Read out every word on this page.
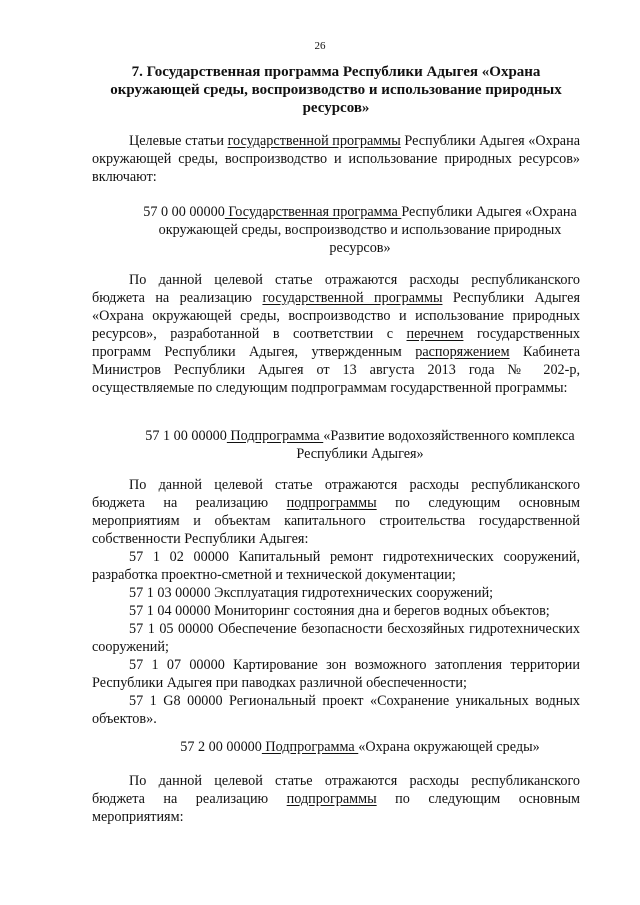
26
7. Государственная программа Республики Адыгея «Охрана окружающей среды, воспроизводство и использование природных ресурсов»
Целевые статьи государственной программы Республики Адыгея «Охрана окружающей среды, воспроизводство и использование природных ресурсов» включают:
57 0 00 00000 Государственная программа Республики Адыгея «Охрана окружающей среды, воспроизводство и использование природных ресурсов»
По данной целевой статье отражаются расходы республиканского бюджета на реализацию государственной программы Республики Адыгея «Охрана окружающей среды, воспроизводство и использование природных ресурсов», разработанной в соответствии с перечнем государственных программ Республики Адыгея, утвержденным распоряжением Кабинета Министров Республики Адыгея от 13 августа 2013 года № 202-р, осуществляемые по следующим подпрограммам государственной программы:
57 1 00 00000 Подпрограмма «Развитие водохозяйственного комплекса Республики Адыгея»
По данной целевой статье отражаются расходы республиканского бюджета на реализацию подпрограммы по следующим основным мероприятиям и объектам капитального строительства государственной собственности Республики Адыгея:

57 1 02 00000 Капитальный ремонт гидротехнических сооружений, разработка проектно-сметной и технической документации;

57 1 03 00000 Эксплуатация гидротехнических сооружений;

57 1 04 00000 Мониторинг состояния дна и берегов водных объектов;

57 1 05 00000 Обеспечение безопасности бесхозяйных гидротехнических сооружений;

57 1 07 00000 Картирование зон возможного затопления территории Республики Адыгея при паводках различной обеспеченности;

57 1 G8 00000 Региональный проект «Сохранение уникальных водных объектов».

57 2 00 00000 Подпрограмма «Охрана окружающей среды»
По данной целевой статье отражаются расходы республиканского бюджета на реализацию подпрограммы по следующим основным мероприятиям:
